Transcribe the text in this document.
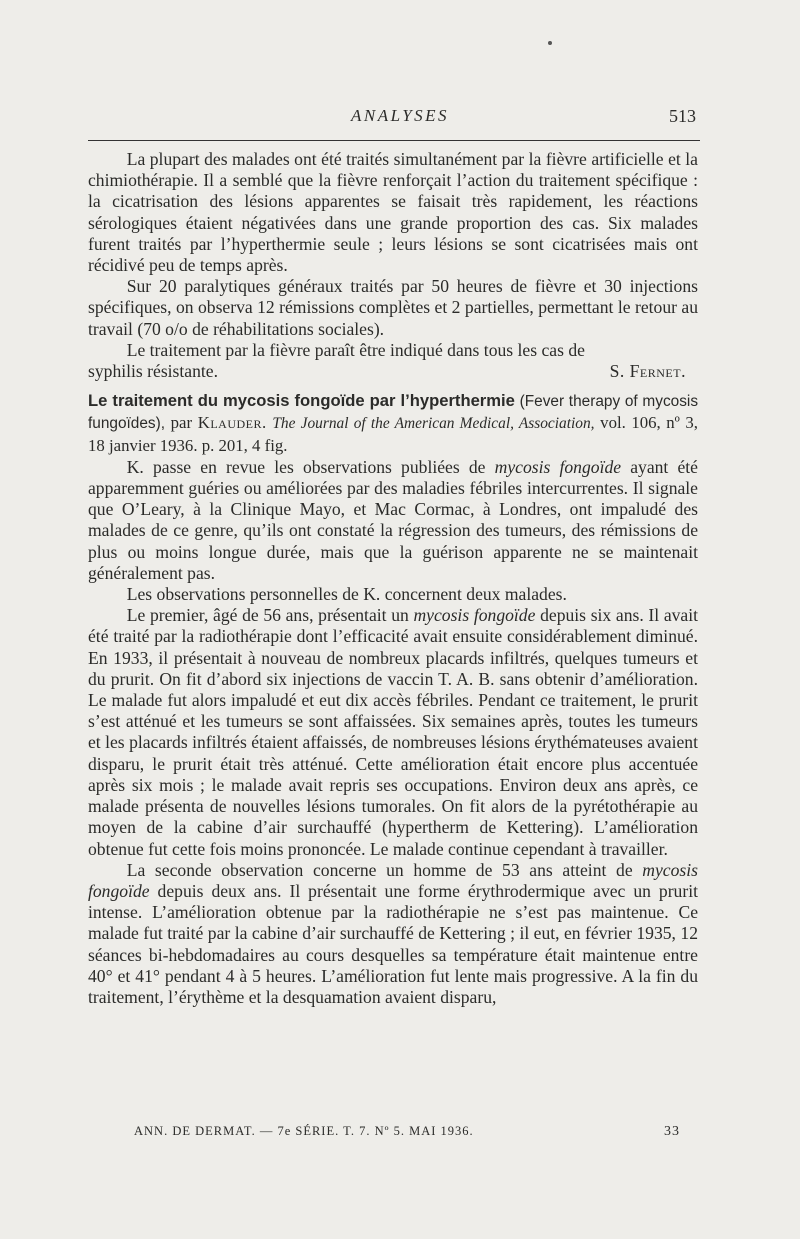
ANALYSES	513

La plupart des malades ont été traités simultanément par la fièvre artificielle et la chimiothérapie. Il a semblé que la fièvre renforçait l’action du traitement spécifique : la cicatrisation des lésions apparentes se faisait très rapidement, les réactions sérologiques étaient négativées dans une grande proportion des cas. Six malades furent traités par l’hyperthermie seule ; leurs lésions se sont cicatrisées mais ont récidivé peu de temps après.

Sur 20 paralytiques généraux traités par 50 heures de fièvre et 30 injections spécifiques, on observa 12 rémissions complètes et 2 partielles, permettant le retour au travail (70 o/o de réhabilitations sociales).

Le traitement par la fièvre paraît être indiqué dans tous les cas de

syphilis résistante.	S. Fernet.
Le traitement du mycosis fongoïde par l’hyperthermie (Fever therapy of mycosis fungoïdes), par Klauder. The Journal of the American Medical, Association, vol. 106, nº 3, 18 janvier 1936. p. 201, 4 fig.

K. passe en revue les observations publiées de mycosis fongoïde ayant été apparemment guéries ou améliorées par des maladies fébriles intercurrentes. Il signale que O’Leary, à la Clinique Mayo, et Mac Cormac, à Londres, ont impaludé des malades de ce genre, qu’ils ont constaté la régression des tumeurs, des rémissions de plus ou moins longue durée, mais que la guérison apparente ne se maintenait généralement pas.

Les observations personnelles de K. concernent deux malades.

Le premier, âgé de 56 ans, présentait un mycosis fongoïde depuis six ans. Il avait été traité par la radiothérapie dont l’efficacité avait ensuite considérablement diminué. En 1933, il présentait à nouveau de nombreux placards infiltrés, quelques tumeurs et du prurit. On fit d’abord six injections de vaccin T. A. B. sans obtenir d’amélioration. Le malade fut alors impaludé et eut dix accès fébriles. Pendant ce traitement, le prurit s’est atténué et les tumeurs se sont affaissées. Six semaines après, toutes les tumeurs et les placards infiltrés étaient affaissés, de nombreuses lésions érythémateuses avaient disparu, le prurit était très atténué. Cette amélioration était encore plus accentuée après six mois ; le malade avait repris ses occupations. Environ deux ans après, ce malade présenta de nouvelles lésions tumorales. On fit alors de la pyrétothérapie au moyen de la cabine d’air surchauffé (hypertherm de Kettering). L’amélioration obtenue fut cette fois moins prononcée. Le malade continue cependant à travailler.

La seconde observation concerne un homme de 53 ans atteint de mycosis fongoïde depuis deux ans. Il présentait une forme érythrodermique avec un prurit intense. L’amélioration obtenue par la radiothérapie ne s’est pas maintenue. Ce malade fut traité par la cabine d’air surchauffé de Kettering ; il eut, en février 1935, 12 séances bi-hebdomadaires au cours desquelles sa température était maintenue entre 40° et 41° pendant 4 à 5 heures. L’amélioration fut lente mais progressive. A la fin du traitement, l’érythème et la desquamation avaient disparu,

ANN. DE DERMAT. — 7e SÉRIE. T. 7. Nº 5. MAI 1936.	33
